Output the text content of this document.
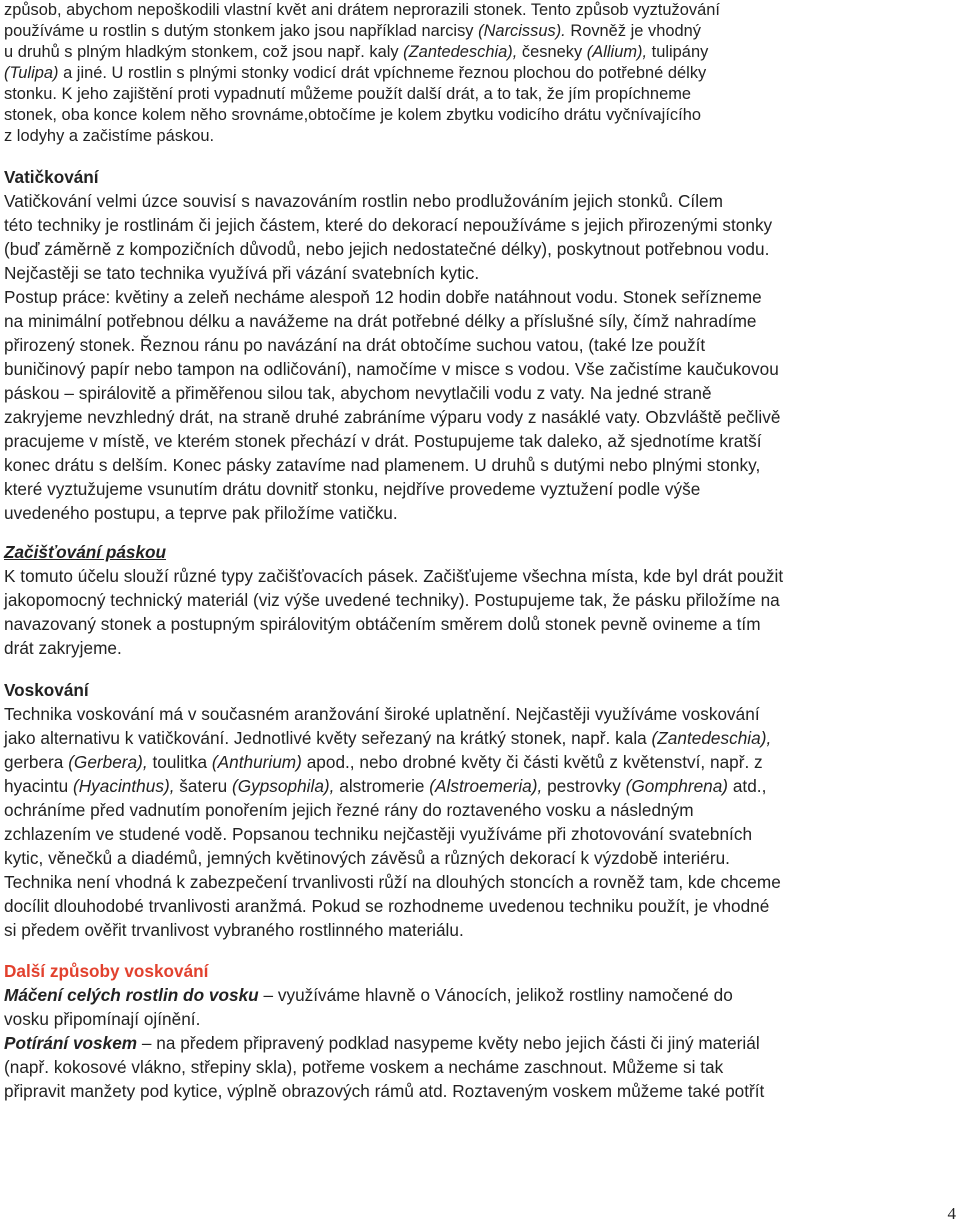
způsob, abychom nepoškodili vlastní květ ani drátem neprorazili stonek. Tento způsob vyztužování
používáme u rostlin s dutým stonkem jako jsou například narcisy (Narcissus). Rovněž je vhodný
u druhů s plným hladkým stonkem, což jsou např. kaly (Zantedeschia), česneky (Allium), tulipány
(Tulipa) a jiné. U rostlin s plnými stonky vodicí drát vpíchneme řeznou plochou do potřebné délky
stonku. K jeho zajištění proti vypadnutí můžeme použít další drát, a to tak, že jím propíchneme
stonek, oba konce kolem něho srovnáme,obtočíme je kolem zbytku vodicího drátu vyčnívajícího
z lodyhy a začistíme páskou.
Vatičkování
Vatičkování velmi úzce souvisí s navazováním rostlin nebo prodlužováním jejich stonků. Cílem
této techniky je rostlinám či jejich částem, které do dekorací nepoužíváme s jejich přirozenými stonky
(buď záměrně z kompozičních důvodů, nebo jejich nedostatečné délky), poskytnout potřebnou vodu.
Nejčastěji se tato technika využívá při vázání svatebních kytic.
Postup práce: květiny a zeleň necháme alespoň 12 hodin dobře natáhnout vodu. Stonek seřízneme
na minimální potřebnou délku a navážeme na drát potřebné délky a příslušné síly, čímž nahradíme
přirozený stonek. Řeznou ránu po navázání na drát obtočíme suchou vatou, (také lze použít
buničinový papír nebo tampon na odličování), namočíme v misce s vodou. Vše začistíme kaučukovou
páskou – spirálovitě a přiměřenou silou tak, abychom nevytlačili vodu z vaty. Na jedné straně
zakryjeme nevzhledný drát, na straně druhé zabráníme výparu vody z nasáklé vaty. Obzvláště pečlivě
pracujeme v místě, ve kterém stonek přechází v drát. Postupujeme tak daleko, až sjednotíme kratší
konec drátu s delším. Konec pásky zatavíme nad plamenem. U druhů s dutými nebo plnými stonky,
které vyztužujeme vsunutím drátu dovnitř stonku, nejdříve provedeme vyztužení podle výše
uvedeného postupu, a teprve pak přiložíme vatičku.
Začišťování páskou
K tomuto účelu slouží různé typy začišťovacích pásek. Začišťujeme všechna místa, kde byl drát použit
jakopomocný technický materiál (viz výše uvedené techniky). Postupujeme tak, že pásku přiložíme na
navazovaný stonek a postupným spirálovitým obtáčením směrem dolů stonek pevně ovineme a tím
drát zakryjeme.
Voskování
Technika voskování má v současném aranžování široké uplatnění. Nejčastěji využíváme voskování
jako alternativu k vatičkování. Jednotlivé květy seřezaný na krátký stonek, např. kala (Zantedeschia),
gerbera (Gerbera), toulitka (Anthurium) apod., nebo drobné květy či části květů z květenství, např. z
hyacintu (Hyacinthus), šateru (Gypsophila), alstromerie (Alstroemeria), pestrovky (Gomphrena) atd.,
ochráníme před vadnutím ponořením jejich řezné rány do roztaveného vosku a následným
zchlazením ve studené vodě. Popsanou techniku nejčastěji využíváme při zhotovování svatebních
kytic, věnečků a diadémů, jemných květinových závěsů a různých dekorací k výzdobě interiéru.
Technika není vhodná k zabezpečení trvanlivosti růží na dlouhých stoncích a rovněž tam, kde chceme
docílit dlouhodobé trvanlivosti aranžmá. Pokud se rozhodneme uvedenou techniku použít, je vhodné
si předem ověřit trvanlivost vybraného rostlinného materiálu.
Další způsoby voskování
Máčení celých rostlin do vosku – využíváme hlavně o Vánocích, jelikož rostliny namočené do
vosku připomínají ojínění.
Potírání voskem – na předem připravený podklad nasypeme květy nebo jejich části či jiný materiál
(např. kokosové vlákno, střepiny skla), potřeme voskem a necháme zaschnout. Můžeme si tak
připravit manžety pod kytice, výplně obrazových rámů atd. Roztaveným voskem můžeme také potřít
4
